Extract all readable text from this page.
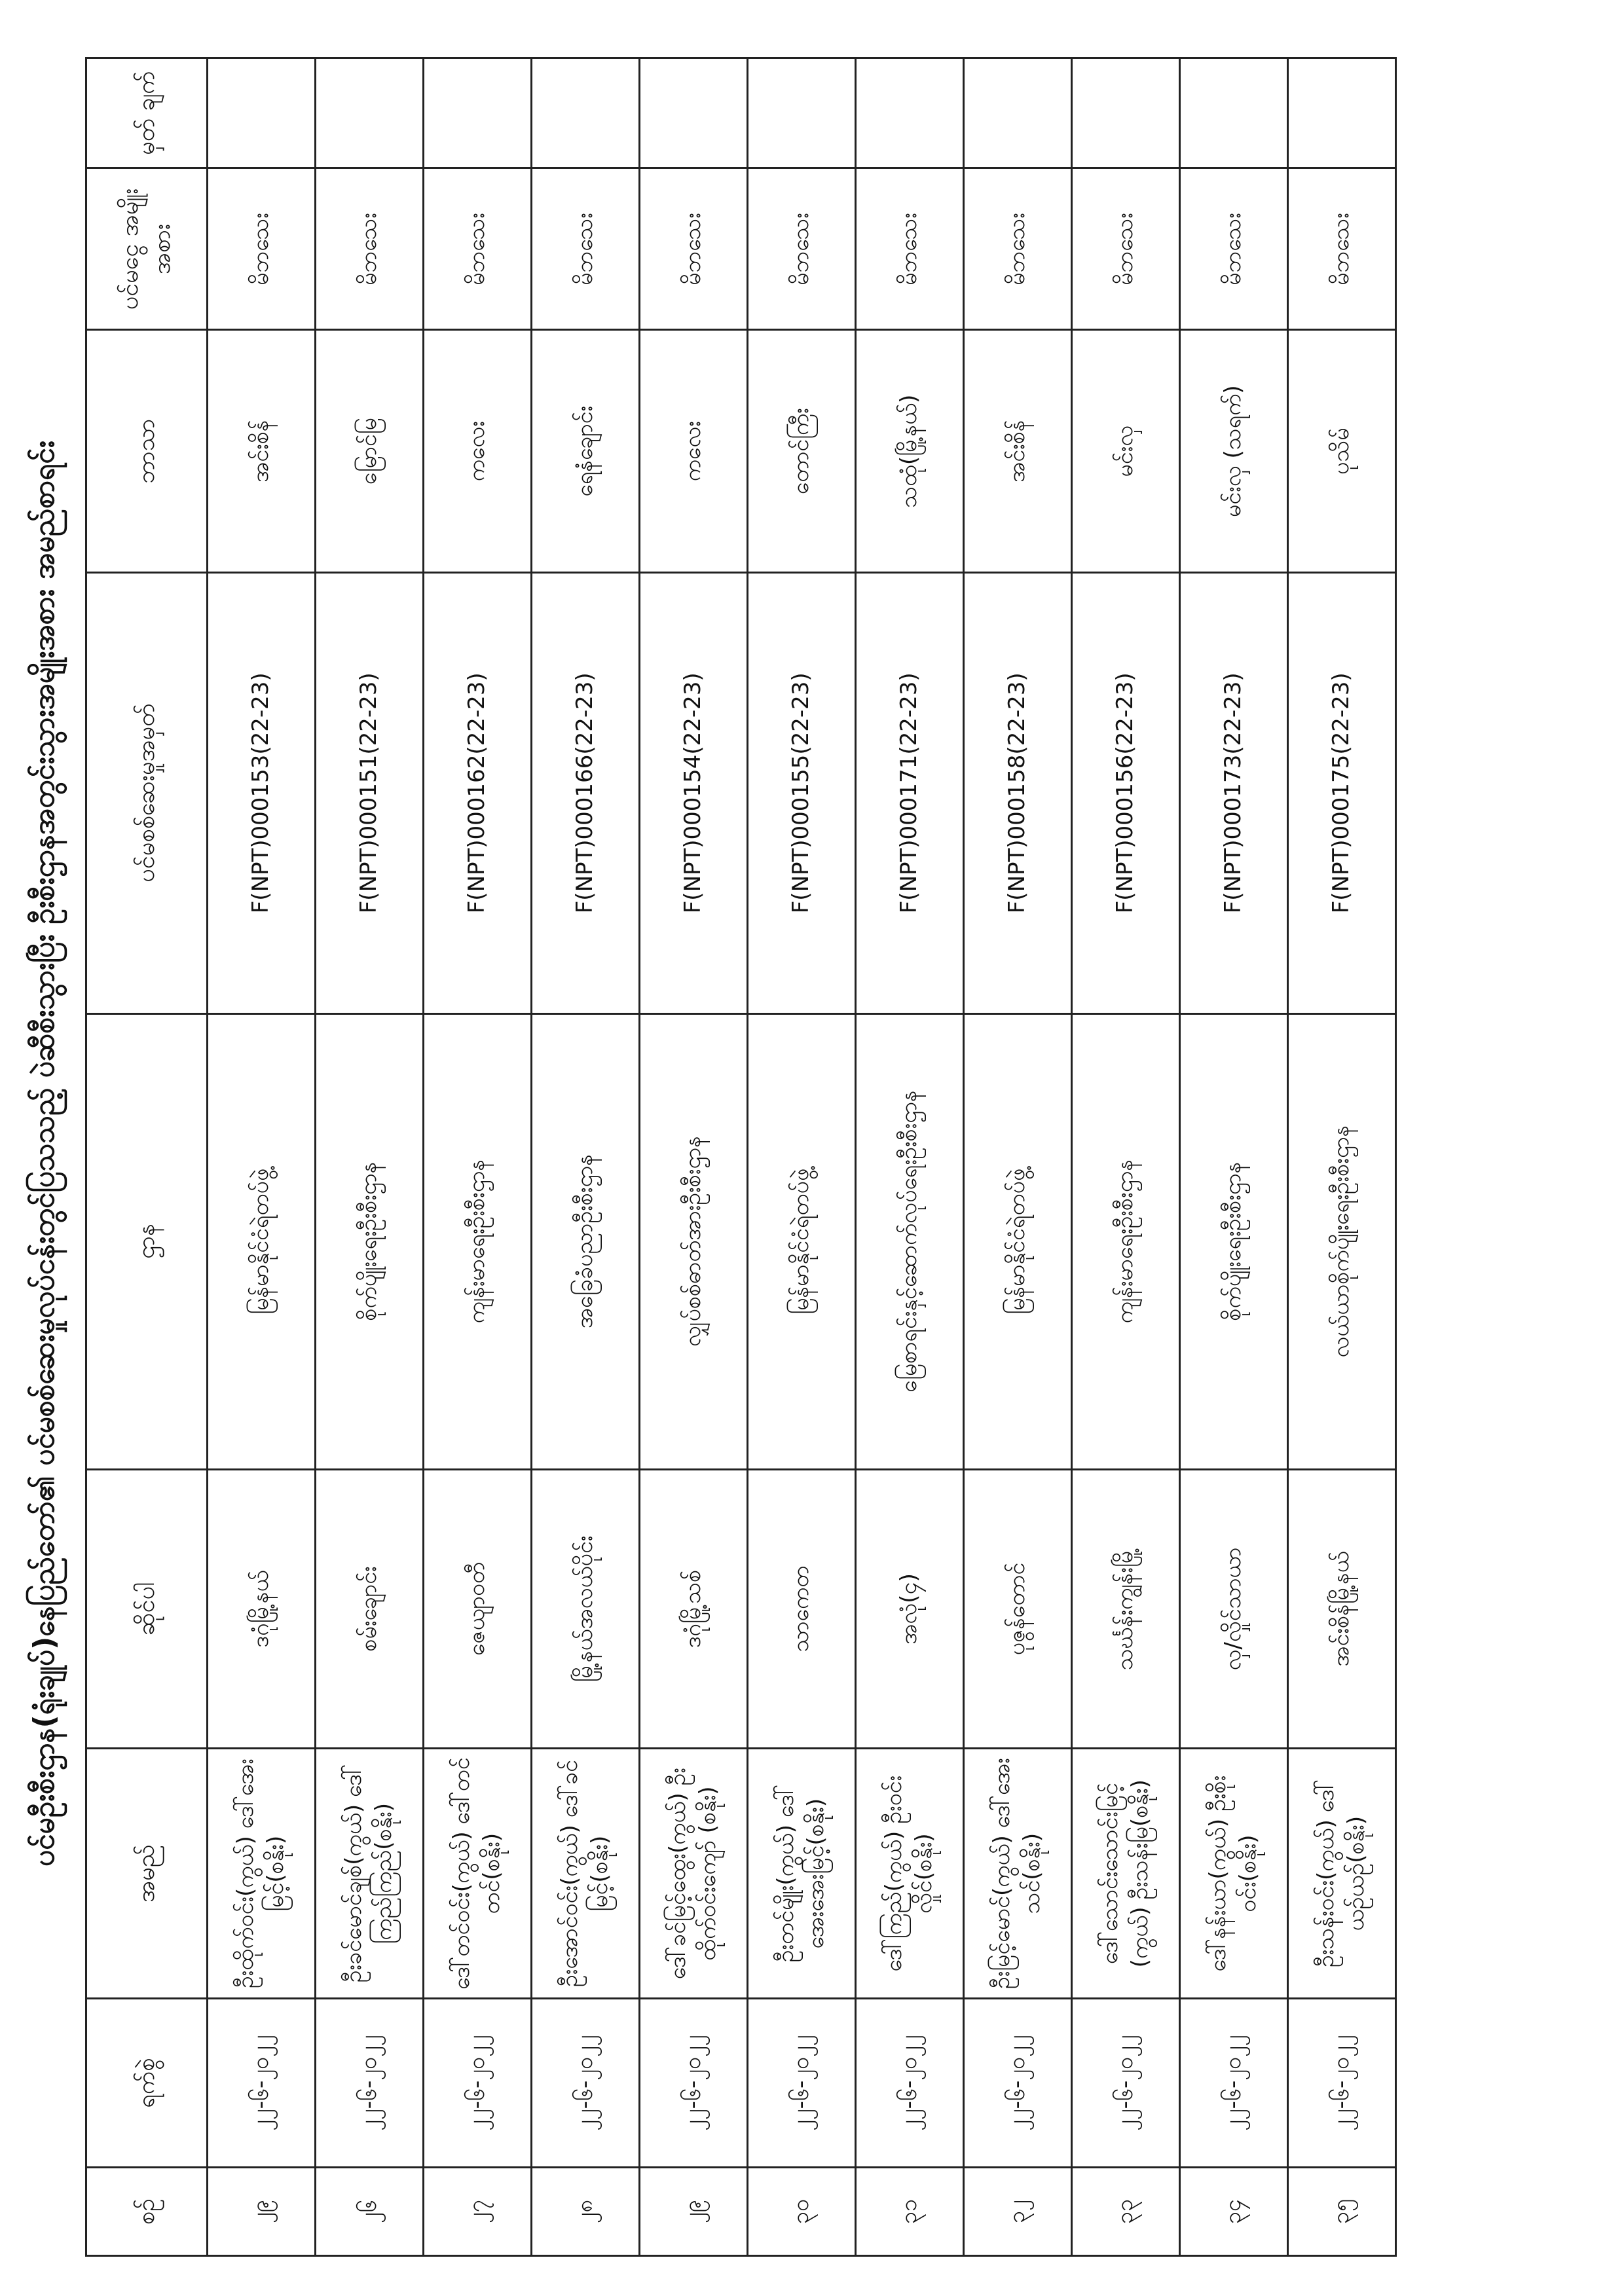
ပင်မဦးစီးဌာန(ရုံးချုပ်)နေပြည်တော်၏ ပင်မစစ်ဆေးမှုလုပ်ငန်းတွင်ပြသသည့် ပဲဆီစီးသွားပြီး ဦးစီးဌာနအတွင်းသွားအမျိုးအစား အမည်စာရင်း
စဉ်	ရက်စွဲ	အမည်	ဆိုင်ပါ	ဌာန	ပင်မစစ်ဆေးမှုအမှတ်	ဘာသာ	ပင်မငွေ အမျိုးအစား	မှတ် ချက်
၂၉	၂၂-၆-၂၀၂၂	ဦးထိုက်ဝင်း(ကွယ်) ဒေါ်အေးမြင့်(စနိုး)	ဒဂုံမြို့နယ်	မြန်မာနိုင်ငံရဲတပ်ဖွဲ့	F(NPT)000153(22-23)	အင်းစိန်	မိဘသေး	
၂၆	၂၂-၆-၂၀၂၂	ဦးခင်မောင်ချစ်(ကွယ်) ဒေါ်ကြည်ကြည်(စနိုး)	စမ်းချောင်း	စိုက်ပျိုးရေးဦးစီးဌာန	F(NPT)000151(22-23)	မြောင်မြ	မိဘသေး	
၂၇	၂၂-၆-၂၀၂၂	ဒေါ်တင်ဝင်း(ကွယ်) ဒေါ်တင်တင်(စနိုး)	ဇေယျာဝတီ	ကျန်းမာရေးဦးစီးဌာန	F(NPT)000162(22-23)	ကလေး	မိဘသေး	
၂၈	၂၂-၆-၂၀၂၂	ဦးအောင်ဝင်း(ကွယ်) ဒေါ်ခင်မြင့်(စနိုး)	မြို့နယ်အလယ်ပိုင်း	အခြေခံပညာဦးစီးဌာန	F(NPT)000166(22-23)	ရေနံချောင်း	မိဘသေး	
၂၉	၂၂-၆-၂၀၂၂	ဒေါ်ခင်မြင့်ထွေး(ကွယ်) ဦးထိုက်ဝင်းကျော် (စနိုး)	ဒဂုံမြို့သစ်	လျှပ်စစ်ဓာတ်အားဦးစီးဌာန	F(NPT)000154(22-23)	ကလေး	မိဘသေး	
၃၀	၂၂-၆-၂၀၂၂	ဦးတင်မျိုး(ကွယ်) ဒေါ်အေးအေးမြင့်(စနိုး)	သာကေတ	မြန်မာနိုင်ငံရဲတပ်ဖွဲ့	F(NPT)000155(22-23)	တောင်ကြီး	မိဘသေး	
၃၁	၂၂-၆-၂၀၂၂	ဒေါ်ကြည်(ကွယ်) ဦးဝင်းလှိုင်(စနိုး)	အလုံ(၄)	မြေစာရင်းနှင့်ဆောက်လုပ်ရေးဦးစီးဌာန	F(NPT)000171(22-23)	သထုံ(မြို့နယ်)	မိဘသေး	
၃၂	၂၂-၆-၂၀၂၂	ဦးမြင့်မောင်(ကွယ်) ဒေါ်အေးသင်(စနိုး)	ပုဇွန်တောင်	မြန်မာနိုင်ငံရဲတပ်ဖွဲ့	F(NPT)000158(22-23)	အင်းစိန်	မိဘသေး	
၃၃	၂၂-၆-၂၀၂၂	ဒေါ်သောင်းသောင်းမြင့် (ကွယ်) ဦးသန်းမြ(စနိုး)	သင်္ဃန်းကျွန်းမြို့	ကျန်းမာရေးဦးစီးဌာန	F(NPT)000156(22-23)	မင်းလှ	မိဘသေး	
၃၄	၂၂-၆-၂၀၂၂	ဒေါ်နန်းယာ(ကွယ်) ဦးစိုးဝင်း(စနိုး)	လှ/လှိုင်သာယာ	စိုက်ပျိုးရေးဦးစီးဌာန	F(NPT)000173(22-23)	မင်းလှ (သရက်)	မိဘသေး	
၃၅	၂၂-၆-၂၀၂၂	ဦးသန်းဝင်း(ကွယ်) ဒေါ်ယဉ်ယဉ်(စနိုး)	အင်းစိန်မြို့နယ်	လယ်ယာစိုက်ပျိုးရေးဦးစီးဌာန	F(NPT)000175(22-23)	ပုသိမ်	မိဘသေး	
